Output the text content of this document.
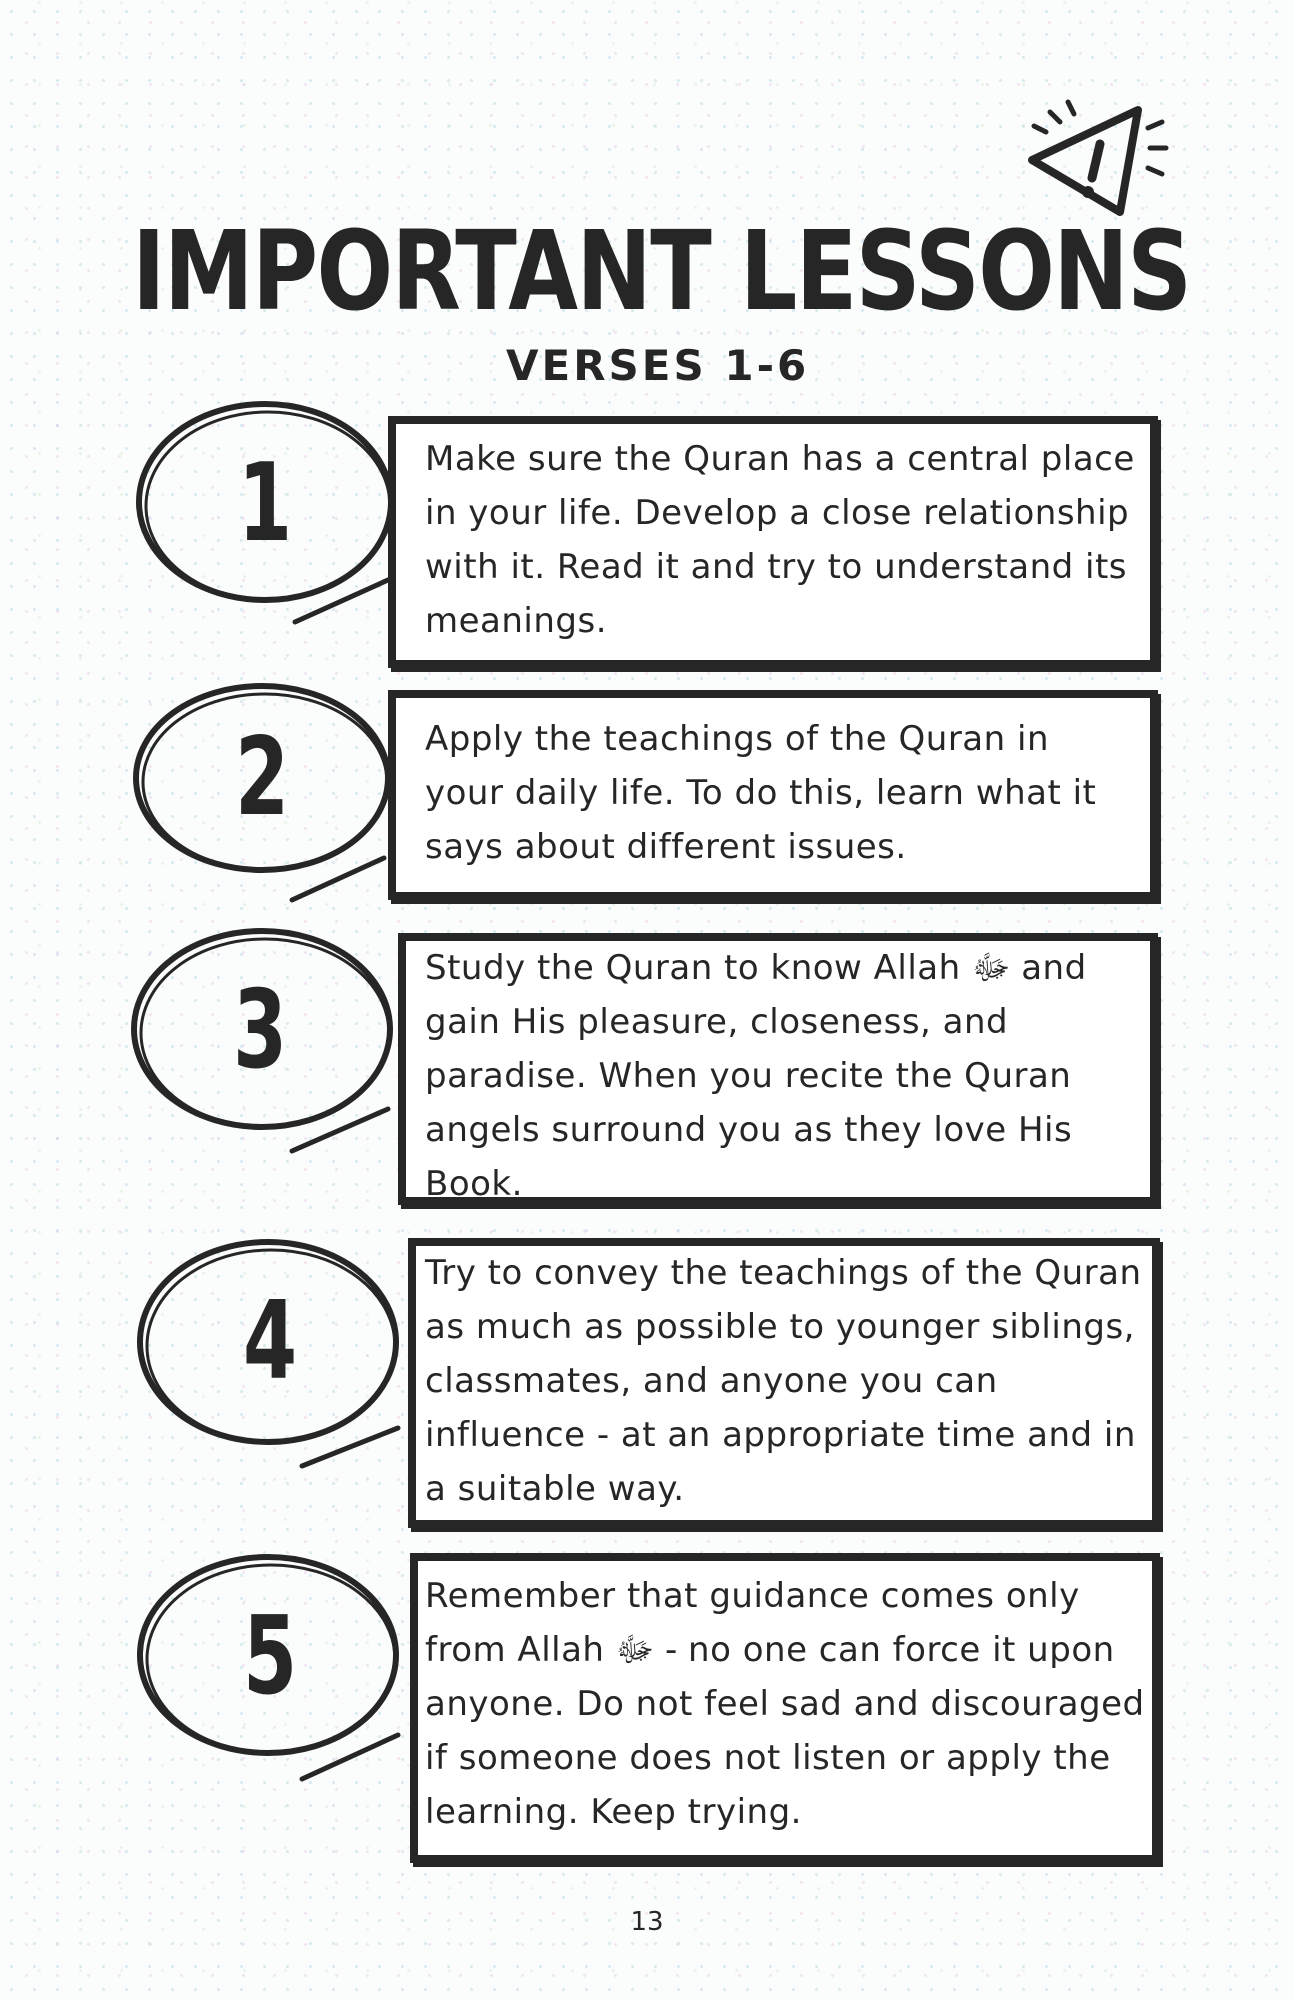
IMPORTANT LESSONS
VERSES 1-6
1	Make sure the Quran has a central place in your life. Develop a close relationship with it. Read it and try to understand its meanings.
2	Apply the teachings of the Quran in your daily life. To do this, learn what it says about different issues.
3	Study the Quran to know Allah ﷻ and gain His pleasure, closeness, and paradise. When you recite the Quran angels surround you as they love His Book.
4
Try to convey the teachings of the Quran as much as possible to younger siblings, classmates, and anyone you can influence - at an appropriate time and in a suitable way.
5	Remember that guidance comes only from Allah ﷻ - no one can force it upon anyone. Do not feel sad and discouraged if someone does not listen or apply the learning. Keep trying.
13
